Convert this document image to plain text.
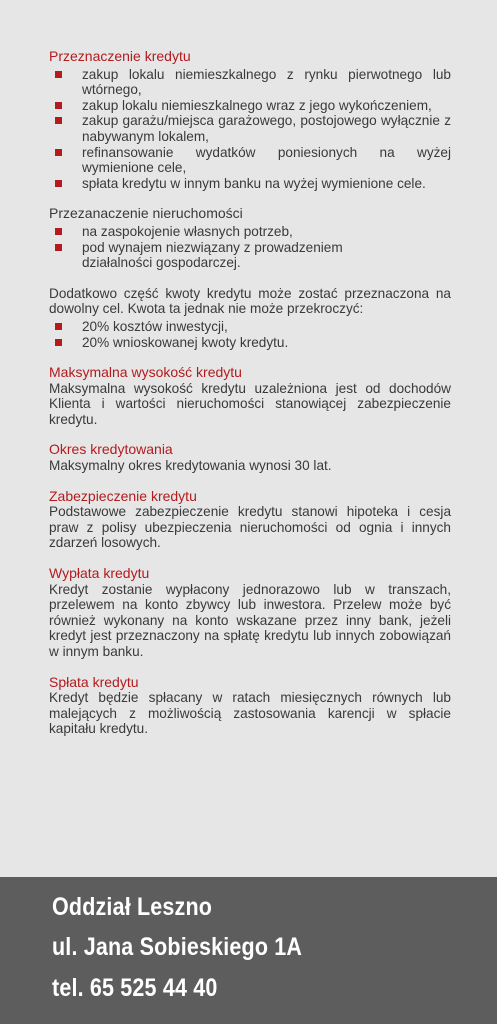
Przeznaczenie kredytu
zakup lokalu niemieszkalnego z rynku pierwotnego lub wtórnego,
zakup lokalu niemieszkalnego wraz z jego wykończeniem,
zakup garażu/miejsca garażowego, postojowego wyłącznie z nabywanym lokalem,
refinansowanie wydatków poniesionych na wyżej wymienione cele,
spłata kredytu w innym banku na wyżej wymienione cele.
Przezanaczenie nieruchomości
na zaspokojenie własnych potrzeb,
pod wynajem niezwiązany z prowadzeniem działalności gospodarczej.
Dodatkowo część kwoty kredytu może zostać przeznaczona na dowolny cel. Kwota ta jednak nie może przekroczyć:
20% kosztów inwestycji,
20% wnioskowanej kwoty kredytu.
Maksymalna wysokość kredytu
Maksymalna wysokość kredytu uzależniona jest od dochodów Klienta i wartości nieruchomości stanowiącej zabezpieczenie kredytu.
Okres kredytowania
Maksymalny okres kredytowania wynosi 30 lat.
Zabezpieczenie kredytu
Podstawowe zabezpieczenie kredytu stanowi hipoteka i cesja praw z polisy ubezpieczenia nieruchomości od ognia i innych zdarzeń losowych.
Wypłata kredytu
Kredyt zostanie wypłacony jednorazowo lub w transzach, przelewem na konto zbywcy lub inwestora. Przelew może być również wykonany na konto wskazane przez inny bank, jeżeli kredyt jest przeznaczony na spłatę kredytu lub innych zobowiązań w innym banku.
Spłata kredytu
Kredyt będzie spłacany w ratach miesięcznych równych lub malejących z możliwością zastosowania karencji w spłacie kapitału kredytu.
Oddział Leszno
ul. Jana Sobieskiego 1A
tel. 65 525 44 40
